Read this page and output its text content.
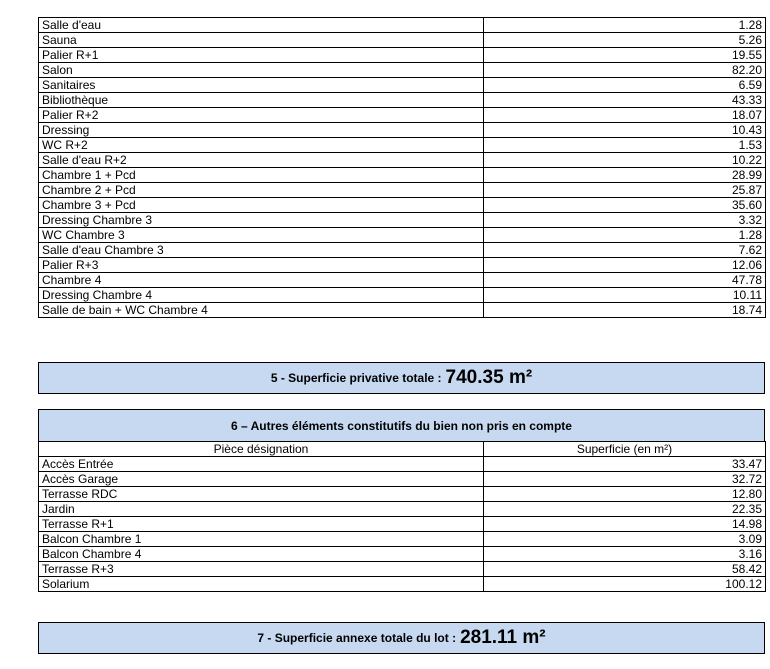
Salle d'eau	1.28
Sauna	5.26
Palier R+1	19.55
Salon	82.20
Sanitaires	6.59
Bibliothèque	43.33
Palier R+2	18.07
Dressing	10.43
WC R+2	1.53
Salle d'eau R+2	10.22
Chambre 1 + Pcd	28.99
Chambre 2 + Pcd	25.87
Chambre 3 + Pcd	35.60
Dressing Chambre 3	3.32
WC Chambre 3	1.28
Salle d'eau Chambre 3	7.62
Palier R+3	12.06
Chambre 4	47.78
Dressing Chambre 4	10.11
Salle de bain + WC Chambre 4	18.74
5 - Superficie privative totale : 740.35 m²
6 – Autres éléments constitutifs du bien non pris en compte
Pièce désignation	Superficie (en m²)
Accès Entrée	33.47
Accès Garage	32.72
Terrasse RDC	12.80
Jardin	22.35
Terrasse R+1	14.98
Balcon Chambre 1	3.09
Balcon Chambre 4	3.16
Terrasse R+3	58.42
Solarium	100.12
7 - Superficie annexe totale du lot : 281.11 m²
